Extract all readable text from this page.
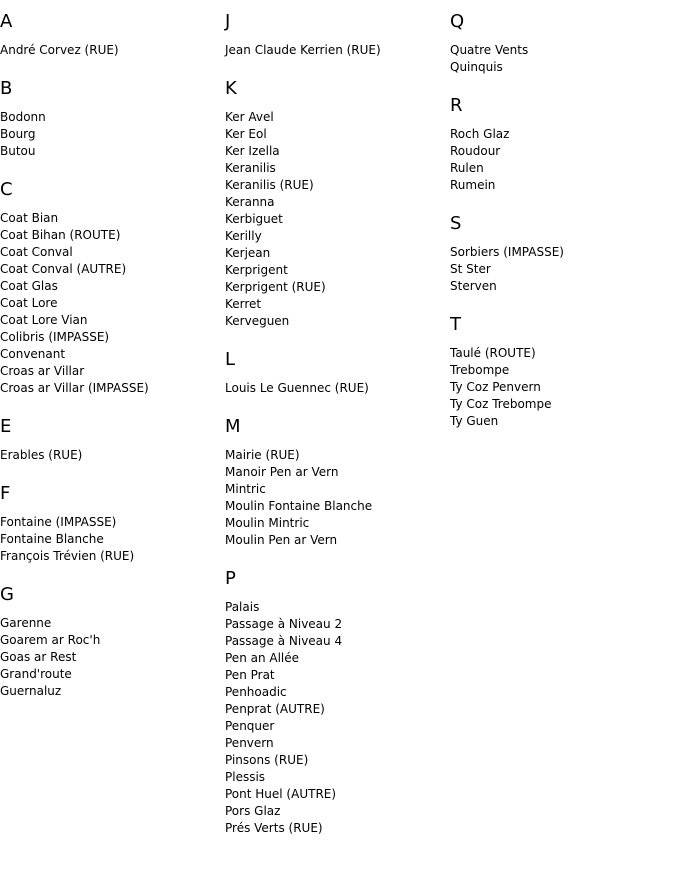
A
André Corvez (RUE)
B
Bodonn
Bourg
Butou
C
Coat Bian
Coat Bihan (ROUTE)
Coat Conval
Coat Conval (AUTRE)
Coat Glas
Coat Lore
Coat Lore Vian
Colibris (IMPASSE)
Convenant
Croas ar Villar
Croas ar Villar (IMPASSE)
E
Erables (RUE)
F
Fontaine (IMPASSE)
Fontaine Blanche
François Trévien (RUE)
G
Garenne
Goarem ar Roc'h
Goas ar Rest
Grand'route
Guernaluz
J
Jean Claude Kerrien (RUE)
K
Ker Avel
Ker Eol
Ker Izella
Keranilis
Keranilis (RUE)
Keranna
Kerbiguet
Kerilly
Kerjean
Kerprigent
Kerprigent (RUE)
Kerret
Kerveguen
L
Louis Le Guennec (RUE)
M
Mairie (RUE)
Manoir Pen ar Vern
Mintric
Moulin Fontaine Blanche
Moulin Mintric
Moulin Pen ar Vern
P
Palais
Passage à Niveau 2
Passage à Niveau 4
Pen an Allée
Pen Prat
Penhoadic
Penprat (AUTRE)
Penquer
Penvern
Pinsons (RUE)
Plessis
Pont Huel (AUTRE)
Pors Glaz
Prés Verts (RUE)
Q
Quatre Vents
Quinquis
R
Roch Glaz
Roudour
Rulen
Rumein
S
Sorbiers (IMPASSE)
St Ster
Sterven
T
Taulé (ROUTE)
Trebompe
Ty Coz Penvern
Ty Coz Trebompe
Ty Guen
